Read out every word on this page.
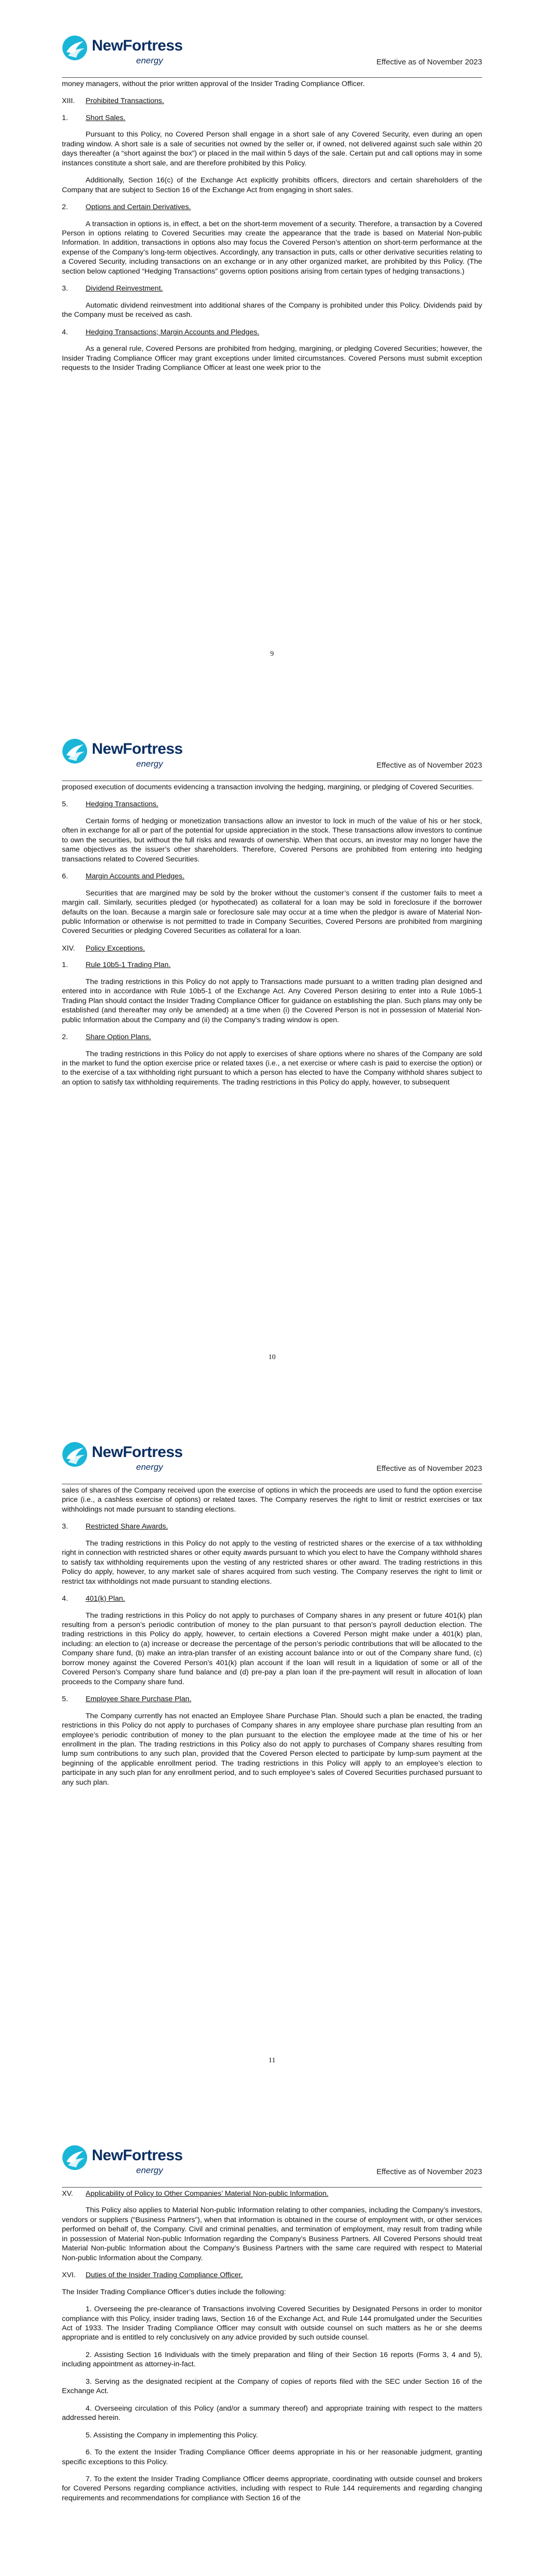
NewFortress
energy	Effective as of November 2023

money managers, without the prior written approval of the Insider Trading Compliance Officer.

XIII. Prohibited Transactions.
1.	Short Sales.

Pursuant to this Policy, no Covered Person shall engage in a short sale of any Covered Security, even during an open trading window. A short sale is a sale of securities not owned by the seller or, if owned, not delivered against such sale within 20 days thereafter (a “short against the box”) or placed in the mail within 5 days of the sale. Certain put and call options may in some instances constitute a short sale, and are therefore prohibited by this Policy.

Additionally, Section 16(c) of the Exchange Act explicitly prohibits officers, directors and certain shareholders of the Company that are subject to Section 16 of the Exchange Act from engaging in short sales.

2.	Options and Certain Derivatives.

A transaction in options is, in effect, a bet on the short-term movement of a security. Therefore, a transaction by a Covered Person in options relating to Covered Securities may create the appearance that the trade is based on Material Non-public Information. In addition, transactions in options also may focus the Covered Person’s attention on short-term performance at the expense of the Company’s long-term objectives. Accordingly, any transaction in puts, calls or other derivative securities relating to a Covered Security, including transactions on an exchange or in any other organized market, are prohibited by this Policy. (The section below captioned “Hedging Transactions” governs option positions arising from certain types of hedging transactions.)

3.	Dividend Reinvestment.

Automatic dividend reinvestment into additional shares of the Company is prohibited under this Policy. Dividends paid by the Company must be received as cash.

4.	Hedging Transactions; Margin Accounts and Pledges.

As a general rule, Covered Persons are prohibited from hedging, margining, or pledging Covered Securities; however, the Insider Trading Compliance Officer may grant exceptions under limited circumstances. Covered Persons must submit exception requests to the Insider Trading Compliance Officer at least one week prior to the

9
NewFortress
energy	Effective as of November 2023

proposed execution of documents evidencing a transaction involving the hedging, margining, or pledging of Covered Securities.

5.	Hedging Transactions.

Certain forms of hedging or monetization transactions allow an investor to lock in much of the value of his or her stock, often in exchange for all or part of the potential for upside appreciation in the stock. These transactions allow investors to continue to own the securities, but without the full risks and rewards of ownership. When that occurs, an investor may no longer have the same objectives as the issuer’s other shareholders. Therefore, Covered Persons are prohibited from entering into hedging transactions related to Covered Securities.

6.	Margin Accounts and Pledges.

Securities that are margined may be sold by the broker without the customer’s consent if the customer fails to meet a margin call. Similarly, securities pledged (or hypothecated) as collateral for a loan may be sold in foreclosure if the borrower defaults on the loan. Because a margin sale or foreclosure sale may occur at a time when the pledgor is aware of Material Non-public Information or otherwise is not permitted to trade in Company Securities, Covered Persons are prohibited from margining Covered Securities or pledging Covered Securities as collateral for a loan.

XIV. Policy Exceptions.
1.	Rule 10b5-1 Trading Plan.

The trading restrictions in this Policy do not apply to Transactions made pursuant to a written trading plan designed and entered into in accordance with Rule 10b5-1 of the Exchange Act. Any Covered Person desiring to enter into a Rule 10b5-1 Trading Plan should contact the Insider Trading Compliance Officer for guidance on establishing the plan. Such plans may only be established (and thereafter may only be amended) at a time when (i) the Covered Person is not in possession of Material Non-public Information about the Company and (ii) the Company’s trading window is open.

2.	Share Option Plans.

The trading restrictions in this Policy do not apply to exercises of share options where no shares of the Company are sold in the market to fund the option exercise price or related taxes (i.e., a net exercise or where cash is paid to exercise the option) or to the exercise of a tax withholding right pursuant to which a person has elected to have the Company withhold shares subject to an option to satisfy tax withholding requirements. The trading restrictions in this Policy do apply, however, to subsequent

10
NewFortress
energy	Effective as of November 2023

sales of shares of the Company received upon the exercise of options in which the proceeds are used to fund the option exercise price (i.e., a cashless exercise of options) or related taxes. The Company reserves the right to limit or restrict exercises or tax withholdings not made pursuant to standing elections.

3.	Restricted Share Awards.

The trading restrictions in this Policy do not apply to the vesting of restricted shares or the exercise of a tax withholding right in connection with restricted shares or other equity awards pursuant to which you elect to have the Company withhold shares to satisfy tax withholding requirements upon the vesting of any restricted shares or other award. The trading restrictions in this Policy do apply, however, to any market sale of shares acquired from such vesting. The Company reserves the right to limit or restrict tax withholdings not made pursuant to standing elections.

4.	401(k) Plan.

The trading restrictions in this Policy do not apply to purchases of Company shares in any present or future 401(k) plan resulting from a person’s periodic contribution of money to the plan pursuant to that person’s payroll deduction election. The trading restrictions in this Policy do apply, however, to certain elections a Covered Person might make under a 401(k) plan, including: an election to (a) increase or decrease the percentage of the person’s periodic contributions that will be allocated to the Company share fund, (b) make an intra-plan transfer of an existing account balance into or out of the Company share fund, (c) borrow money against the Covered Person’s 401(k) plan account if the loan will result in a liquidation of some or all of the Covered Person’s Company share fund balance and (d) pre-pay a plan loan if the pre-payment will result in allocation of loan proceeds to the Company share fund.

5.	Employee Share Purchase Plan.

The Company currently has not enacted an Employee Share Purchase Plan. Should such a plan be enacted, the trading restrictions in this Policy do not apply to purchases of Company shares in any employee share purchase plan resulting from an employee’s periodic contribution of money to the plan pursuant to the election the employee made at the time of his or her enrollment in the plan. The trading restrictions in this Policy also do not apply to purchases of Company shares resulting from lump sum contributions to any such plan, provided that the Covered Person elected to participate by lump-sum payment at the beginning of the applicable enrollment period. The trading restrictions in this Policy will apply to an employee’s election to participate in any such plan for any enrollment period, and to such employee’s sales of Covered Securities purchased pursuant to any such plan.

11
NewFortress
energy	Effective as of November 2023
XV.	Applicability of Policy to Other Companies’ Material Non-public Information.

This Policy also applies to Material Non-public Information relating to other companies, including the Company’s investors, vendors or suppliers (“Business Partners”), when that information is obtained in the course of employment with, or other services performed on behalf of, the Company. Civil and criminal penalties, and termination of employment, may result from trading while in possession of Material Non-public Information regarding the Company’s Business Partners. All Covered Persons should treat Material Non-public Information about the Company’s Business Partners with the same care required with respect to Material Non-public Information about the Company.

XVI. Duties of the Insider Trading Compliance Officer.

The Insider Trading Compliance Officer’s duties include the following:

1. Overseeing the pre-clearance of Transactions involving Covered Securities by Designated Persons in order to monitor compliance with this Policy, insider trading laws, Section 16 of the Exchange Act, and Rule 144 promulgated under the Securities Act of 1933. The Insider Trading Compliance Officer may consult with outside counsel on such matters as he or she deems appropriate and is entitled to rely conclusively on any advice provided by such outside counsel.

2. Assisting Section 16 Individuals with the timely preparation and filing of their Section 16 reports (Forms 3, 4 and 5), including appointment as attorney-in-fact.

3. Serving as the designated recipient at the Company of copies of reports filed with the SEC under Section 16 of the Exchange Act.

4. Overseeing circulation of this Policy (and/or a summary thereof) and appropriate training with respect to the matters addressed herein.

5. Assisting the Company in implementing this Policy.

6. To the extent the Insider Trading Compliance Officer deems appropriate in his or her reasonable judgment, granting specific exceptions to this Policy.

7. To the extent the Insider Trading Compliance Officer deems appropriate, coordinating with outside counsel and brokers for Covered Persons regarding compliance activities, including with respect to Rule 144 requirements and regarding changing requirements and recommendations for compliance with Section 16 of the
